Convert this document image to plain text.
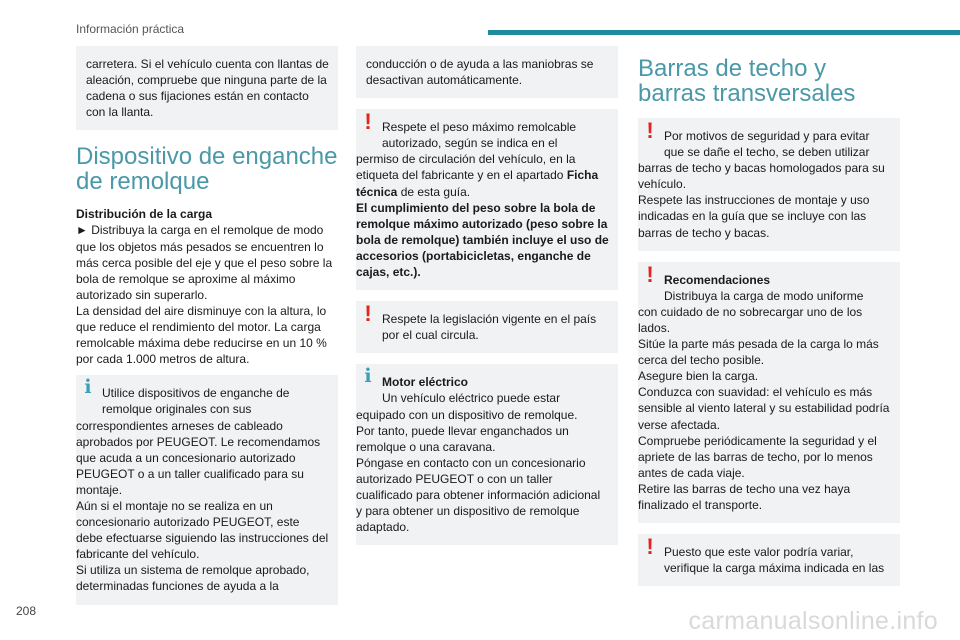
Información práctica

carretera. Si el vehículo cuenta con llantas de aleación, compruebe que ninguna parte de la cadena o sus fijaciones están en contacto con la llanta.

Dispositivo de enganche de remolque

Distribución de la carga

► Distribuya la carga en el remolque de modo que los objetos más pesados se encuentren lo más cerca posible del eje y que el peso sobre la bola de remolque se aproxime al máximo autorizado sin superarlo.

La densidad del aire disminuye con la altura, lo que reduce el rendimiento del motor. La carga remolcable máxima debe reducirse en un 10 % por cada 1.000 metros de altura.

i Utilice dispositivos de enganche de remolque originales con sus
correspondientes arneses de cableado aprobados por PEUGEOT. Le recomendamos que acuda a un concesionario autorizado PEUGEOT o a un taller cualificado para su montaje.
Aún si el montaje no se realiza en un concesionario autorizado PEUGEOT, este debe efectuarse siguiendo las instrucciones del fabricante del vehículo.
Si utiliza un sistema de remolque aprobado, determinadas funciones de ayuda a la

conducción o de ayuda a las maniobras se desactivan automáticamente.

! Respete el peso máximo remolcable autorizado, según se indica en el
permiso de circulación del vehículo, en la etiqueta del fabricante y en el apartado Ficha técnica de esta guía.
El cumplimiento del peso sobre la bola de remolque máximo autorizado (peso sobre la bola de remolque) también incluye el uso de accesorios (portabicicletas, enganche de cajas, etc.).
! Respete la legislación vigente en el país por el cual circula.
i Motor eléctrico
Un vehículo eléctrico puede estar
equipado con un dispositivo de remolque.
Por tanto, puede llevar enganchados un remolque o una caravana.
Póngase en contacto con un concesionario autorizado PEUGEOT o con un taller cualificado para obtener información adicional y para obtener un dispositivo de remolque adaptado.
Barras de techo y barras transversales
! Por motivos de seguridad y para evitar que se dañe el techo, se deben utilizar
barras de techo y bacas homologados para su vehículo.
Respete las instrucciones de montaje y uso indicadas en la guía que se incluye con las barras de techo y bacas.
! Recomendaciones
Distribuya la carga de modo uniforme
con cuidado de no sobrecargar uno de los lados.
Sitúe la parte más pesada de la carga lo más cerca del techo posible.
Asegure bien la carga.
Conduzca con suavidad: el vehículo es más sensible al viento lateral y su estabilidad podría verse afectada.
Compruebe periódicamente la seguridad y el apriete de las barras de techo, por lo menos antes de cada viaje.
Retire las barras de techo una vez haya finalizado el transporte.
! Puesto que este valor podría variar, verifique la carga máxima indicada en las
208	carmanualsonline.info
